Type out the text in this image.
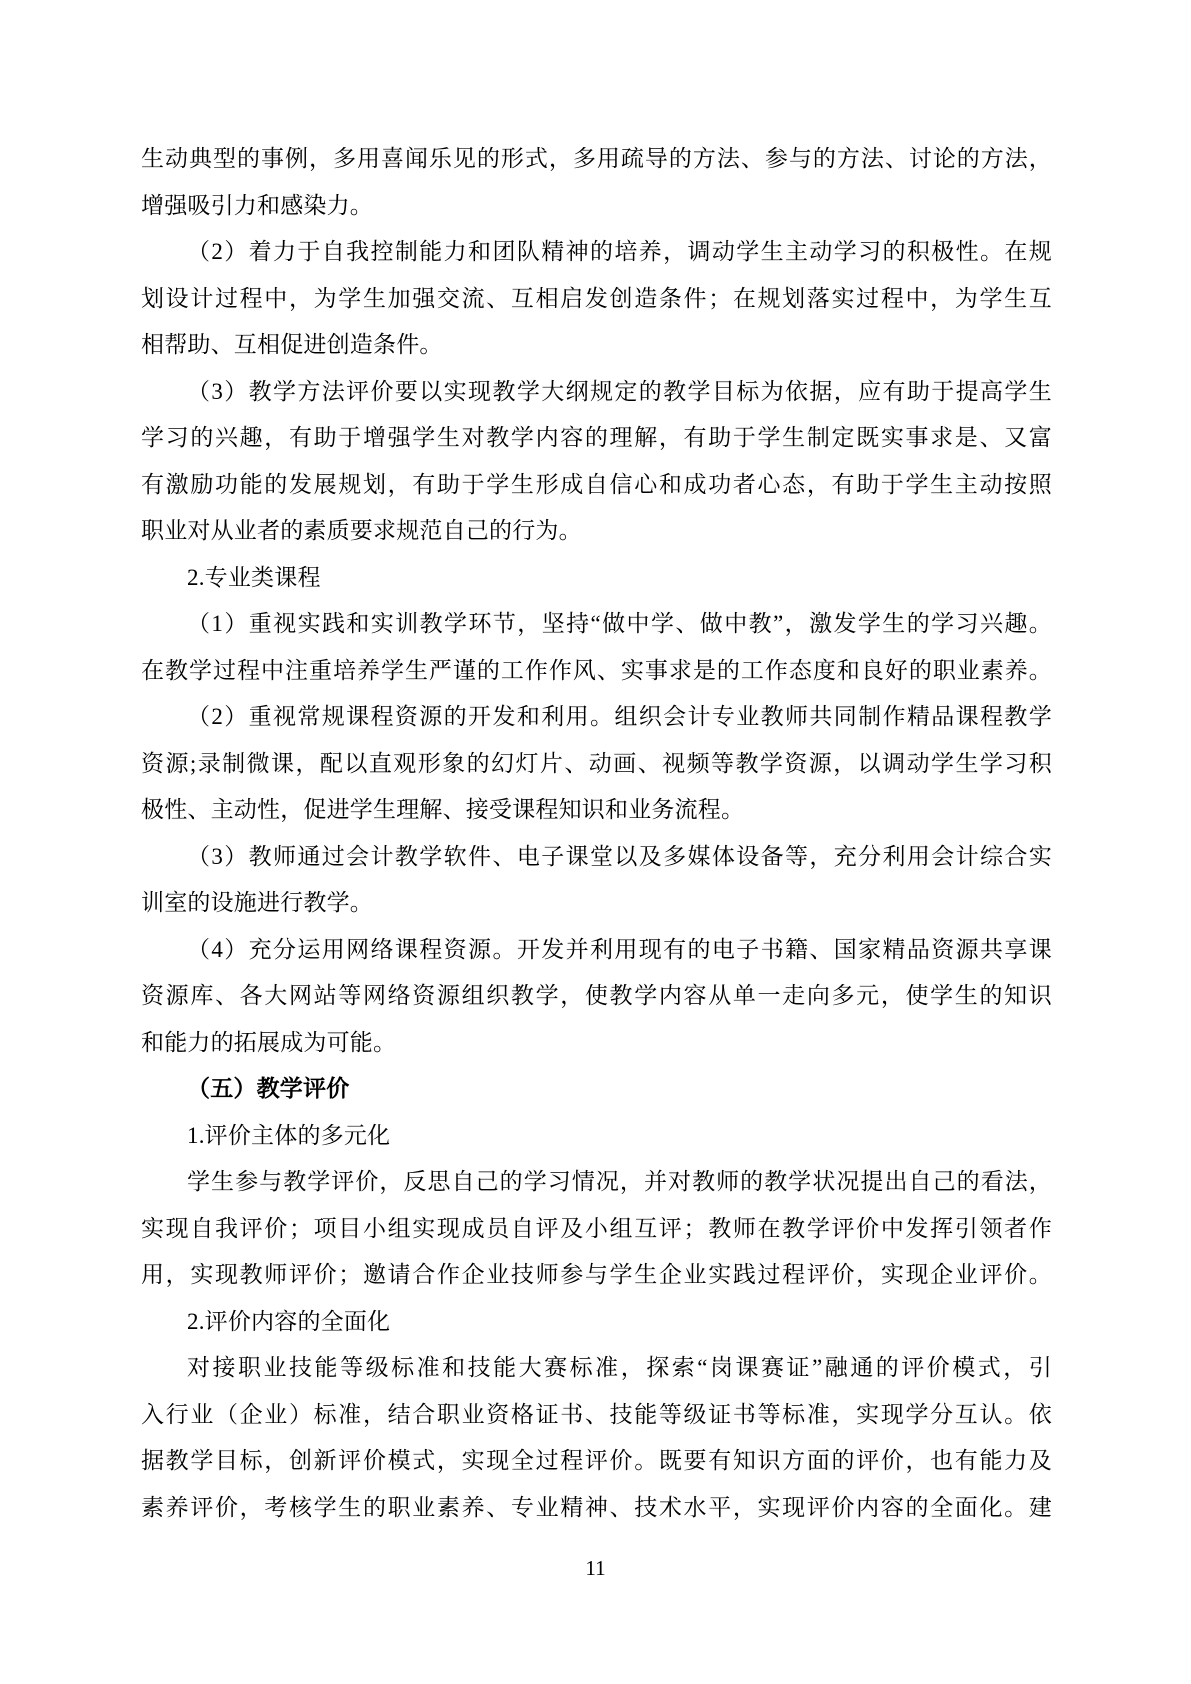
生动典型的事例，多用喜闻乐见的形式，多用疏导的方法、参与的方法、讨论的方法，
增强吸引力和感染力。
（2）着力于自我控制能力和团队精神的培养，调动学生主动学习的积极性。在规
划设计过程中，为学生加强交流、互相启发创造条件；在规划落实过程中，为学生互
相帮助、互相促进创造条件。
（3）教学方法评价要以实现教学大纲规定的教学目标为依据，应有助于提高学生
学习的兴趣，有助于增强学生对教学内容的理解，有助于学生制定既实事求是、又富
有激励功能的发展规划，有助于学生形成自信心和成功者心态，有助于学生主动按照
职业对从业者的素质要求规范自己的行为。
2.专业类课程
（1）重视实践和实训教学环节，坚持“做中学、做中教”，激发学生的学习兴趣。
在教学过程中注重培养学生严谨的工作作风、实事求是的工作态度和良好的职业素养。
（2）重视常规课程资源的开发和利用。组织会计专业教师共同制作精品课程教学
资源;录制微课，配以直观形象的幻灯片、动画、视频等教学资源，以调动学生学习积
极性、主动性，促进学生理解、接受课程知识和业务流程。
（3）教师通过会计教学软件、电子课堂以及多媒体设备等，充分利用会计综合实
训室的设施进行教学。
（4）充分运用网络课程资源。开发并利用现有的电子书籍、国家精品资源共享课
资源库、各大网站等网络资源组织教学，使教学内容从单一走向多元，使学生的知识
和能力的拓展成为可能。
（五）教学评价
1.评价主体的多元化
学生参与教学评价，反思自己的学习情况，并对教师的教学状况提出自己的看法，
实现自我评价；项目小组实现成员自评及小组互评；教师在教学评价中发挥引领者作
用，实现教师评价；邀请合作企业技师参与学生企业实践过程评价，实现企业评价。
2.评价内容的全面化
对接职业技能等级标准和技能大赛标准，探索“岗课赛证”融通的评价模式，引
入行业（企业）标准，结合职业资格证书、技能等级证书等标准，实现学分互认。依
据教学目标，创新评价模式，实现全过程评价。既要有知识方面的评价，也有能力及
素养评价，考核学生的职业素养、专业精神、技术水平，实现评价内容的全面化。建
11
